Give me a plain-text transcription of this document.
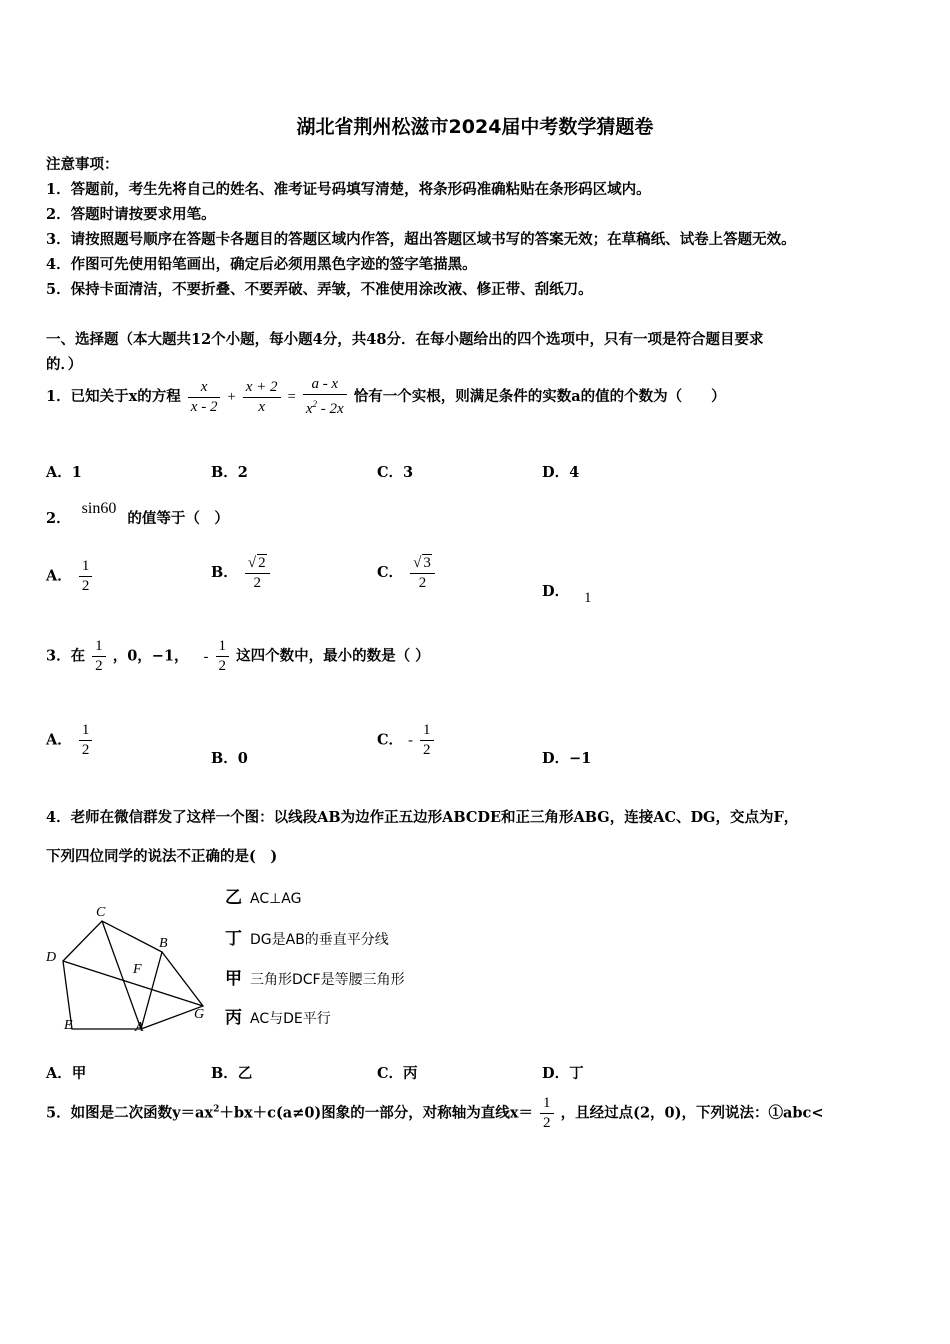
湖北省荆州松滋市2024届中考数学猜题卷
注意事项：
1．答题前，考生先将自己的姓名、准考证号码填写清楚，将条形码准确粘贴在条形码区域内。
2．答题时请按要求用笔。
3．请按照题号顺序在答题卡各题目的答题区域内作答，超出答题区域书写的答案无效；在草稿纸、试卷上答题无效。
4．作图可先使用铅笔画出，确定后必须用黑色字迹的签字笔描黑。
5．保持卡面清洁，不要折叠、不要弄破、弄皱，不准使用涂改液、修正带、刮纸刀。
一、选择题（本大题共12个小题，每小题4分，共48分．在每小题给出的四个选项中，只有一项是符合题目要求
的．）
1．已知关于x的方程 $\frac{x}{x - 2} + \frac{x + 2}{x} = \frac{a - x}{x^2 - 2x}$ 恰有一个实根，则满足条件的实数a的值的个数为（　　）
A．1	B．2	C．3	D．4
2． sin60 的值等于（　）
A． $\frac{1}{2}$	B． $\frac{√ 2}{2}$	C． $\frac{√ 3}{2}$	D． 1
3．在 $\frac{1}{2}$ ，0，−1， - $\frac{1}{2}$ 这四个数中，最小的数是（ ）
A． $\frac{1}{2}$	B．0
C． - $\frac{1}{2}$	D．−1
4．老师在微信群发了这样一个图：以线段AB为边作正五边形ABCDE和正三角形ABG，连接AC、DG，交点为F，
下列四位同学的说法不正确的是(　)
C
B
D
F
E	A
G
乙 AC⊥AG
丁 DG是AB的垂直平分线
甲 三角形DCF是等腰三角形
丙 AC与DE平行
A．甲	B．乙	C．丙	D．丁
5．如图是二次函数$y=ax^2+bx+c(a\ne 0)$图象的一部分，对称轴为直线$x= \frac{1}{2}$ ，且经过点(2，0)，下列说法：①abc<
